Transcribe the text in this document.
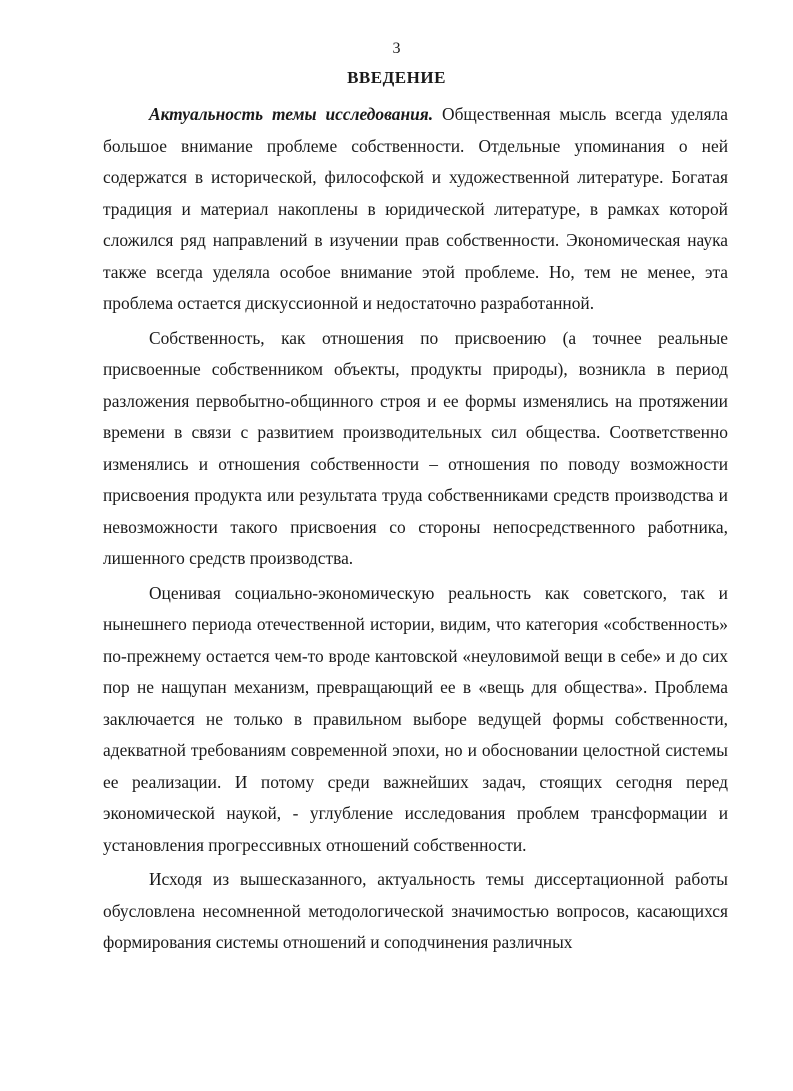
3
ВВЕДЕНИЕ

Актуальность темы исследования. Общественная мысль всегда уделяла большое внимание проблеме собственности. Отдельные упоминания о ней содержатся в исторической, философской и художественной литературе. Богатая традиция и материал накоплены в юридической литературе, в рамках которой сложился ряд направлений в изучении прав собственности. Экономическая наука также всегда уделяла особое внимание этой проблеме. Но, тем не менее, эта проблема остается дискуссионной и недостаточно разработанной.

Собственность, как отношения по присвоению (а точнее реальные присвоенные собственником объекты, продукты природы), возникла в период разложения первобытно-общинного строя и ее формы изменялись на протяжении времени в связи с развитием производительных сил общества. Соответственно изменялись и отношения собственности – отношения по поводу возможности присвоения продукта или результата труда собственниками средств производства и невозможности такого присвоения со стороны непосредственного работника, лишенного средств производства.

Оценивая социально-экономическую реальность как советского, так и нынешнего периода отечественной истории, видим, что категория «собственность» по-прежнему остается чем-то вроде кантовской «неуловимой вещи в себе» и до сих пор не нащупан механизм, превращающий ее в «вещь для общества». Проблема заключается не только в правильном выборе ведущей формы собственности, адекватной требованиям современной эпохи, но и обосновании целостной системы ее реализации. И потому среди важнейших задач, стоящих сегодня перед экономической наукой, - углубление исследования проблем трансформации и установления прогрессивных отношений собственности.

Исходя из вышесказанного, актуальность темы диссертационной работы обусловлена несомненной методологической значимостью вопросов, касающихся формирования системы отношений и соподчинения различных
